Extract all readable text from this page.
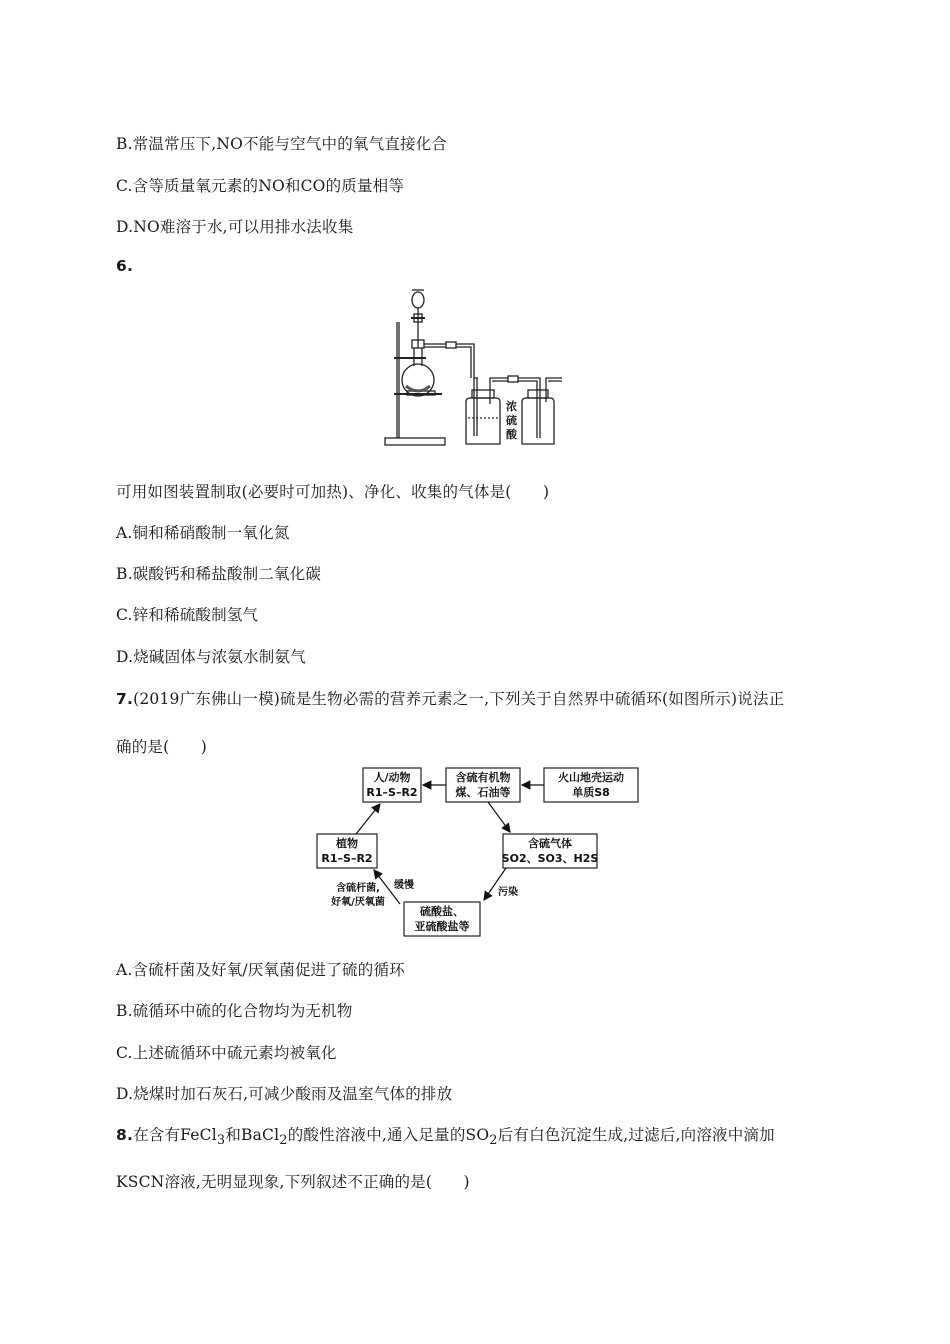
B.常温常压下,NO不能与空气中的氧气直接化合
C.含等质量氧元素的NO和CO的质量相等
D.NO难溶于水,可以用排水法收集
6.
浓
硫
酸
可用如图装置制取(必要时可加热)、净化、收集的气体是(　　)
A.铜和稀硝酸制一氧化氮
B.碳酸钙和稀盐酸制二氧化碳
C.锌和稀硫酸制氢气
D.烧碱固体与浓氨水制氨气
7.(2019广东佛山一模)硫是生物必需的营养元素之一,下列关于自然界中硫循环(如图所示)说法正
确的是(　　)
人/动物
R1–S–R2
含硫有机物
煤、石油等
火山地壳运动
单质S8
植物
R1–S–R2
含硫气体
SO2、SO3、H2S
硫酸盐、
亚硫酸盐等
含硫杆菌,
好氧/厌氧菌
缓慢
污染
A.含硫杆菌及好氧/厌氧菌促进了硫的循环
B.硫循环中硫的化合物均为无机物
C.上述硫循环中硫元素均被氧化
D.烧煤时加石灰石,可减少酸雨及温室气体的排放
8.在含有FeCl$_3$和BaCl$_2$的酸性溶液中,通入足量的$SO_2$后有白色沉淀生成,过滤后,向溶液中滴加
KSCN溶液,无明显现象,下列叙述不正确的是(　　)
